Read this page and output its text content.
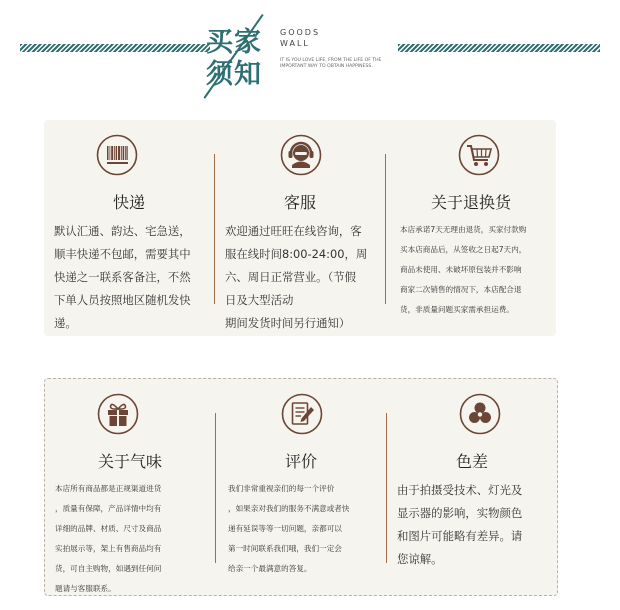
买家
须知
GOODS
WALL
IT IS YOU LOVE LIFE, FROM THE LIFE OF THE IMPORTANT WAY TO OBTAIN HAPPINESS.
快递
默认汇通、韵达、宅急送，
顺丰快递不包邮，需要其中
快递之一联系客备注，不然
下单人员按照地区随机发快
递。
客服
欢迎通过旺旺在线咨询，客
服在线时间8:00-24:00，周
六、周日正常营业。（节假
日及大型活动
期间发货时间另行通知）
关于退换货
本店承诺7天无理由退货，买家付款购
买本店商品后，从签收之日起7天内，
商品未使用、未破坏原包装并不影响
商家二次销售的情况下，本店配合退
货，非质量问题买家需承担运费。
关于气味
本店所有商品都是正规渠道进货
，质量有保障，产品详情中均有
详细的品牌、材质、尺寸及商品
实拍展示等，架上有售商品均有
货，可自主购物，如遇到任何问
题请与客服联系。
评价
我们非常重视亲们的每一个评价
，如果亲对我们的服务不满意或者快
递有延误等等一切问题，亲都可以
第一时间联系我们哦，我们一定会
给亲一个最满意的答复。
色差
由于拍摄受技术、灯光及
显示器的影响，实物颜色
和图片可能略有差异。请
您谅解。
